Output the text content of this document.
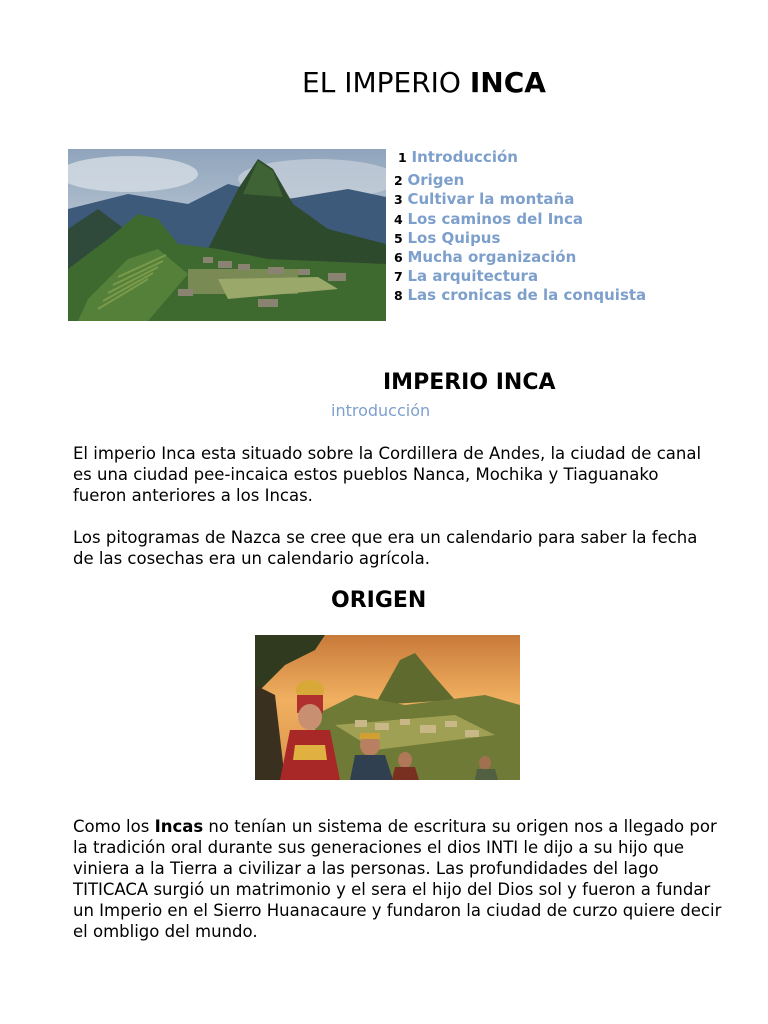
EL IMPERIO INCA
1 Introducción
2 Origen
3 Cultivar la montaña
4 Los caminos del Inca
5 Los Quipus
6 Mucha organización
7 La arquitectura
8 Las cronicas de la conquista
IMPERIO INCA
introducción
El imperio Inca esta situado sobre la Cordillera de Andes, la ciudad de canal es una ciudad pee-incaica estos pueblos Nanca, Mochika y Tiaguanako fueron anteriores a los Incas.
Los pitogramas de Nazca se cree que era un calendario para saber la fecha de las cosechas era un calendario agrícola.
ORIGEN
Como los Incas no tenían un sistema de escritura su origen nos a llegado por la tradición oral durante sus generaciones el dios INTI le dijo a su hijo que viniera a la Tierra a civilizar a las personas. Las profundidades del lago TITICACA surgió un matrimonio y el sera el hijo del Dios sol y fueron a fundar un Imperio en el Sierro Huanacaure y fundaron la ciudad de curzo quiere decir el ombligo del mundo.
